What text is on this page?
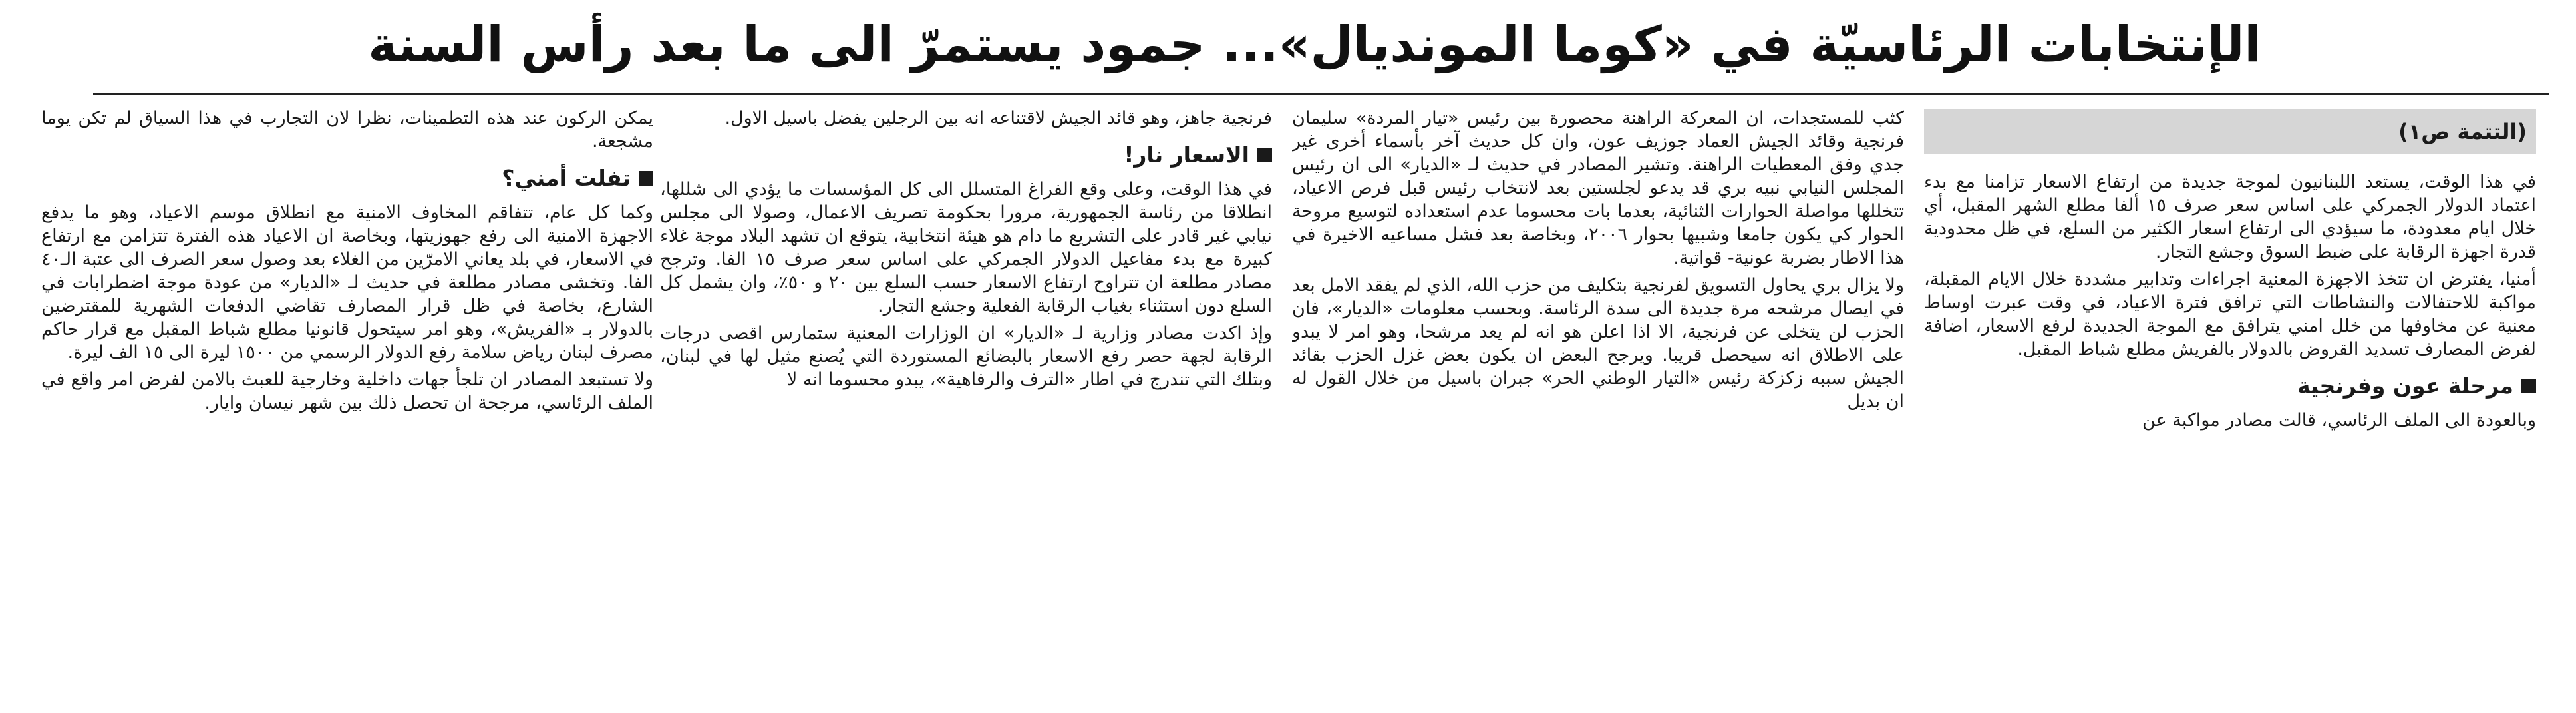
الإنتخابات الرئاسيّة في «كوما المونديال»... جمود يستمرّ الى ما بعد رأس السنة
(التتمة ص١)

في هذا الوقت، يستعد اللبنانيون لموجة جديدة من ارتفاع الاسعار تزامنا مع بدء اعتماد الدولار الجمركي على اساس سعر صرف ١٥ ألفا مطلع الشهر المقبل، أي خلال ايام معدودة، ما سيؤدي الى ارتفاع اسعار الكثير من السلع، في ظل محدودية قدرة اجهزة الرقابة على ضبط السوق وجشع التجار.

أمنيا، يفترض ان تتخذ الاجهزة المعنية اجراءات وتدابير مشددة خلال الايام المقبلة، مواكبة للاحتفالات والنشاطات التي ترافق فترة الاعياد، في وقت عبرت اوساط معنية عن مخاوفها من خلل امني يترافق مع الموجة الجديدة لرفع الاسعار، اضافة لفرض المصارف تسديد القروض بالدولار بالفريش مطلع شباط المقبل.

مرحلة عون وفرنجية

وبالعودة الى الملف الرئاسي، قالت مصادر مواكبة عن

كثب للمستجدات، ان المعركة الراهنة محصورة بين رئيس «تيار المردة» سليمان فرنجية وقائد الجيش العماد جوزيف عون، وان كل حديث آخر بأسماء أخرى غير جدي وفق المعطيات الراهنة. وتشير المصادر في حديث لـ «الديار» الى ان رئيس المجلس النيابي نبيه بري قد يدعو لجلستين بعد لانتخاب رئيس قبل فرص الاعياد، تتخللها مواصلة الحوارات الثنائية، بعدما بات محسوما عدم استعداده لتوسيع مروحة الحوار كي يكون جامعا وشبيها بحوار ٢٠٠٦، وبخاصة بعد فشل مساعيه الاخيرة في هذا الاطار بضربة عونية- قواتية.

ولا يزال بري يحاول التسويق لفرنجية بتكليف من حزب الله، الذي لم يفقد الامل بعد في ايصال مرشحه مرة جديدة الى سدة الرئاسة. وبحسب معلومات «الديار»، فان الحزب لن يتخلى عن فرنجية، الا اذا اعلن هو انه لم يعد مرشحا، وهو امر لا يبدو على الاطلاق انه سيحصل قريبا. ويرجح البعض ان يكون بعض غزل الحزب بقائد الجيش سببه زكزكة رئيس «التيار الوطني الحر» جبران باسيل من خلال القول له ان بديل

فرنجية جاهز، وهو قائد الجيش لاقتناعه انه بين الرجلين يفضل باسيل الاول.

الاسعار نار!

في هذا الوقت، وعلى وقع الفراغ المتسلل الى كل المؤسسات ما يؤدي الى شللها، انطلاقا من رئاسة الجمهورية، مرورا بحكومة تصريف الاعمال، وصولا الى مجلس نيابي غير قادر على التشريع ما دام هو هيئة انتخابية، يتوقع ان تشهد البلاد موجة غلاء كبيرة مع بدء مفاعيل الدولار الجمركي على اساس سعر صرف ١٥ الفا. وترجح مصادر مطلعة ان تتراوح ارتفاع الاسعار حسب السلع بين ٢٠ و ٥٠٪، وان يشمل كل السلع دون استثناء بغياب الرقابة الفعلية وجشع التجار.

وإذ اكدت مصادر وزارية لـ «الديار» ان الوزارات المعنية ستمارس اقصى درجات الرقابة لجهة حصر رفع الاسعار بالبضائع المستوردة التي يُصنع مثيل لها في لبنان، وبتلك التي تندرج في اطار «الترف والرفاهية»، يبدو محسوما انه لا

يمكن الركون عند هذه التطمينات، نظرا لان التجارب في هذا السياق لم تكن يوما مشجعة.

تفلت أمني؟

وكما كل عام، تتفاقم المخاوف الامنية مع انطلاق موسم الاعياد، وهو ما يدفع الاجهزة الامنية الى رفع جهوزيتها، وبخاصة ان الاعياد هذه الفترة تتزامن مع ارتفاع في الاسعار، في بلد يعاني الامرّين من الغلاء بعد وصول سعر الصرف الى عتبة الـ٤٠ الفا. وتخشى مصادر مطلعة في حديث لـ «الديار» من عودة موجة اضطرابات في الشارع، بخاصة في ظل قرار المصارف تقاضي الدفعات الشهرية للمقترضين بالدولار بـ «الفريش»، وهو امر سيتحول قانونيا مطلع شباط المقبل مع قرار حاكم مصرف لبنان رياض سلامة رفع الدولار الرسمي من ١٥٠٠ ليرة الى ١٥ الف ليرة.

ولا تستبعد المصادر ان تلجأ جهات داخلية وخارجية للعبث بالامن لفرض امر واقع في الملف الرئاسي، مرجحة ان تحصل ذلك بين شهر نيسان وايار.
